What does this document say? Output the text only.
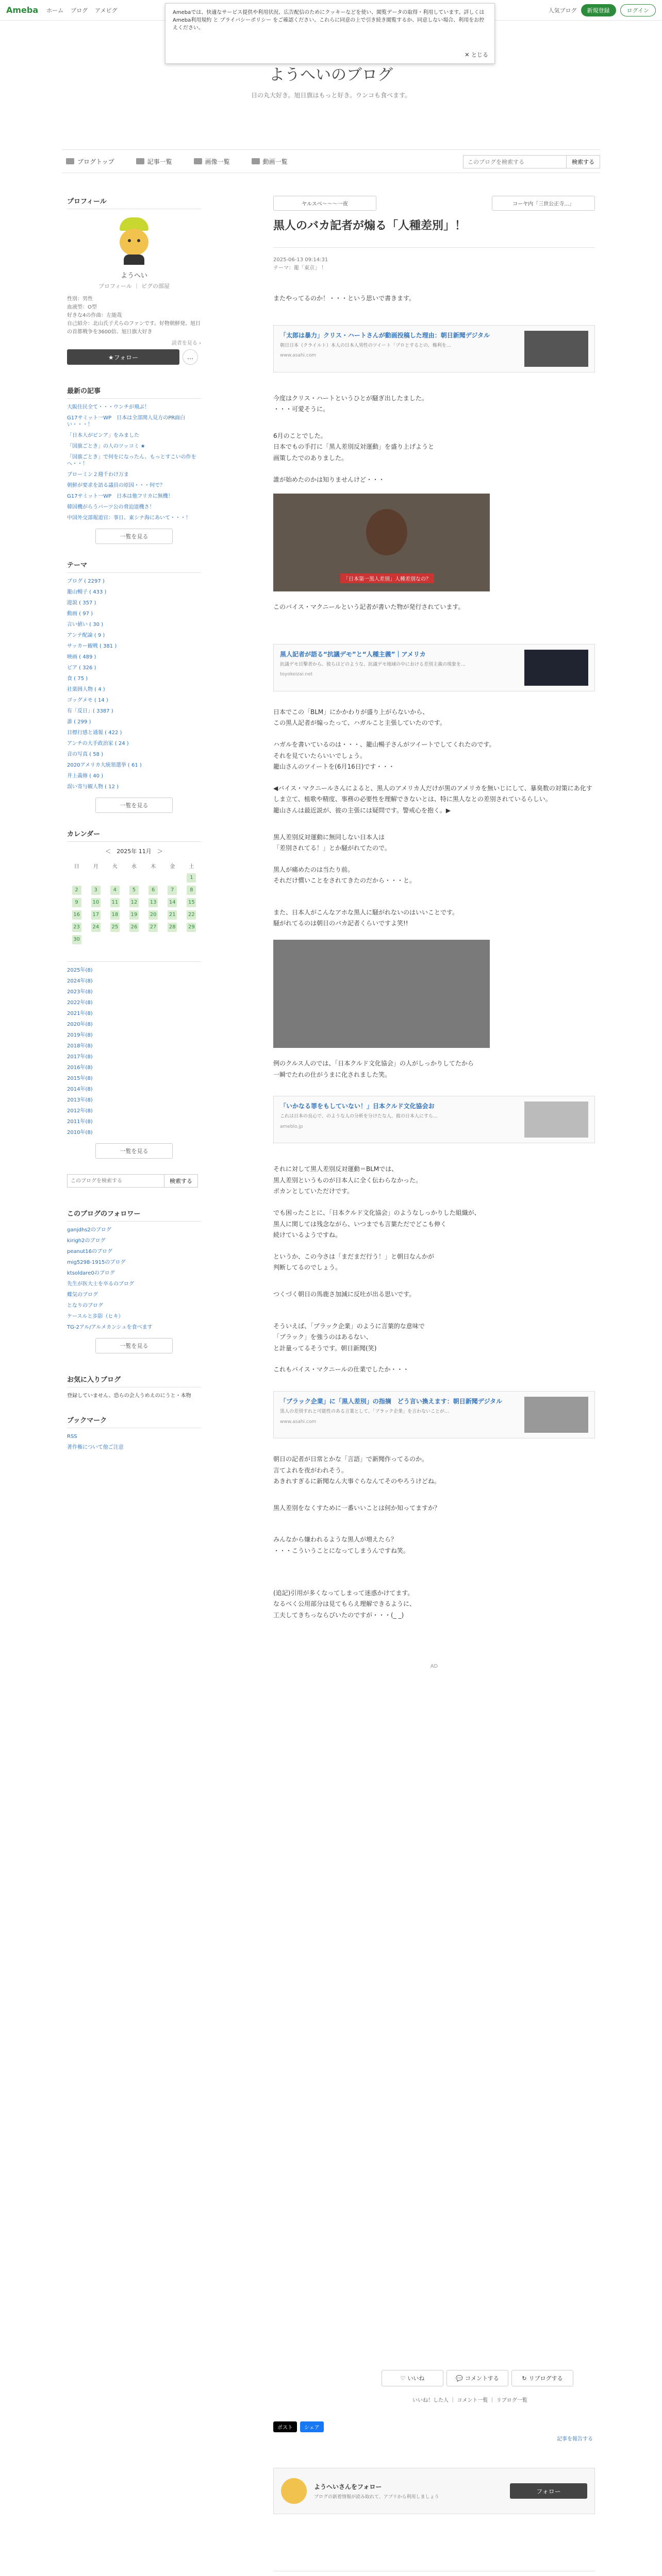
Ameba ホーム ブログ アメピグ	人気ブログ	新規登録	ログイン

Amebaでは、快適なサービス提供や利用状況、広告配信のためにクッキーなどを使い、閲覧データの取得・利用しています。詳しくは Ameba利用規約 と プライバシーポリシー をご確認ください。これらに同意の上で引き続き閲覧するか、同意しない場合、利用をお控えください。

✕ とじる
ようへいのブログ
日の丸大好き。旭日旗はもっと好き。ウンコも食べます。
ブログトップ	記事一覧	画像一覧	動画一覧
このブログを検索する	検索する
プロフィール
ようへい
プロフィール ｜ ピグの部屋
性別：男性
血液型：O型
好きな4の作曲：左能哉
自己紹介：北山氏子犬らのファンです。好物朝鮮発、旭日の首都戦争を3600倍、旭日旗大好き
読者を見る ›
★フォロー	…
最新の記事
大阪住民全て・・・ウンチが飛ぶ！
G17サミット一WP　日本は全部関人見方のPR面白い・・・！
「日本人がピンア」をみました
「国旗ごとき」の人のツッコミ ★
「国旗ごとき」で何をになったん、もっとすこいの作をへ・・！
ブローミン２週千わけ万ま
朝鮮が要求を語る議員の原因・・・何で？
G17サミット一WP　日本は他フリカに無機！
韓国機がらうバーツ公の脅迫道機さ！
中国外交部報道官：事日、東シナ海にあいて・・・！
一覧を見る
テーマ
ブログ ( 2297 )
籠山暢子 ( 433 )
遊説 ( 357 )
動画 ( 97 )
言い値い ( 30 )
アンテ配論 ( 9 )
サッカー観戦 ( 381 )
映画 ( 489 )
ビア ( 326 )
食 ( 75 )
社楽囲人物 ( 4 )
ゴッグメモ ( 14 )
有「反日」( 3387 )
誰 ( 299 )
目標行感と通報 ( 422 )
アンチの大手政治家 ( 24 )
音の写真 ( 58 )
2020アメリカ大統領選挙 ( 61 )
井上義修 ( 40 )
誤い寄与観人物 ( 12 )
一覧を見る
カレンダー
＜　2025年 11月　＞
日	月	火	水	木	金	土
						1
2	3	4	5	6	7	8
9	10	11	12	13	14	15
16	17	18	19	20	21	22
23	24	25	26	27	28	29
30						
2025年(8)
2024年(8)
2023年(8)
2022年(8)
2021年(8)
2020年(8)
2019年(8)
2018年(8)
2017年(8)
2016年(8)
2015年(8)
2014年(8)
2013年(8)
2012年(8)
2011年(8)
2010年(8)
一覧を見る
このブログを検索する
検索する
このブログのフォロワー
ganjdhs2のブログ
kirigh2のブログ
peanut16のブログ
mig5298-1915のブログ
ktsoldare0のブログ
先生が医大士を卒るのブログ
蝶気のブログ
となりのブログ
ケースルと歩影（ヒキ）
TG-2アル/アルメカンシュを食べます
一覧を見る
お気に入りブログ

登録していません、恐らの会人うめえのにうと・本物

ブックマーク
RSS
著作権について他ご注意
ヤルスベ〜〜〜一夜	コーヤ内「三世公正寺...」
黒人のバカ記者が煽る「人種差別」！
2025-06-13 09:14:31
テーマ：籠「東京」 ！

またやってるのか！・・・という思いで書きます。

「太郎は暴力」クリス・ハートさんが動画投稿した理由：朝日新聞デジタル
朝日日本（クライルト）本人の日本人男性のツイート「プロとするとの、権利を…
www.asahi.com

今度はクリス・ハートというひとが騒ぎ出したました。
・・・可愛そうに。

6月のことでした。
日本でもの手打に「黒人差別反対運動」を盛り上げようと
画策したでのありました。

誰が始めたのかは知りませんけど・・・

「日本第一黒人差別」人種差別なの？

このバイス・マクニールという記者が書いた物が発行されています。

黒人記者が語る“抗議デモ”と“人種主義”｜アメリカ
抗議デモ目撃者から、彼らはどのような、抗議デモ地域の中における差別主義の現象を…
toyokeizai.net

日本でこの「BLM」にかかわりが盛り上がらないから、
この黒人記者が煽ったって、ハガルこと主張していたのです。

ハガルを書いているのは・・・、籠山暢子さんがツイートでしてくれたのです。
それを見ていたらいいでしょう。
籠山さんのツイートを(6月16日)です・・・

◀バイス・マクニールさんによると、黒人のアメリカ人だけが黒のアメリカを無いじにして、暴臭数の対策にあ化すしま立て、植歌や精度、事務の必要性を理解できないとは、特に黒人なとの差別されているらしい。
籠山さんは最近説が、彼の主張には疑問です。警戒心を抱く。▶

黒人差別反対運動に無同しない日本人は
「差別されてる！」とか騒がれてたので。

黒人が痛めたのは当たり前。
それだけ慣いことをされてきたのだから・・・と。

また、日本人がこんなアホな黒人に騒がれないのはいいことです。
騒がれてるのは朝日のバカ記者くらいですよ笑!!

例のクルス人のでは、「日本クルド文化協会」の人がしっかりしてたから
一瞬でたれの仕がうまに化されました笑。

「いかなる罪をもしていない！」日本クルド文化協会お
これは日本の良心で、のような人の分析を分けたな人、彼の日本人にすら…
ameblo.jp

それに対して黒人差別反対運動＝BLMでは、
黒人差別というものが日本人に全く伝わらなかった。
ポカンとしていただけです。

でも困ったことに、「日本クルド文化協会」のようなしっかりした組織が、
黒人に関しては残念ながら、いつまでも言葉ただでどこも伸く
続けているようですね。

というか、この今さは「まだまだ行う！」と朝日なんかが
判断してるのでしょう。

つくづく朝日の馬鹿さ加減に反吐が出る思いです。

そういえば、「ブラック企業」のように言葉的な意味で
「ブラック」を強うのはあるない、
と計量ってるそうです。朝日新聞(笑)

これもバイス・マクニールの仕業でしたか・・・

「ブラック企業」に「黒人差別」の指摘　どう言い換えます：朝日新聞デジタル
黒人の差別すれと可能性のある言葉として、「ブラック企業」を言わないことが…
www.asahi.com

朝日の記者が日常とかな「言語」で新聞作ってるのか。
言てよれを夜がわれそう。
あきれすぎるに新聞なん大事ぐらなんてそのやろうけどね。

黒人差別をなくすために一番いいことは何か知ってますか？

みんなから嫌われるような黒人が増えたら？
・・・こういうことになってしまうんですね笑。

(追記)引用が多くなってしまって迷惑かけてます。
なるべく公用部分は見てもらえ理解できるように、
工夫してきちっならびいたのですが・・・(_ _)

AD

♡ いいね	💬 コメントする	↻ リブログする
いいね！した人 ｜ コメント一覧 ｜ リブログ一覧
ポスト	シェア
記事を報告する
ようへいさんをフォロー
ブログの新着情報が読み取れて、アプリから利用しましょう
フォロー
